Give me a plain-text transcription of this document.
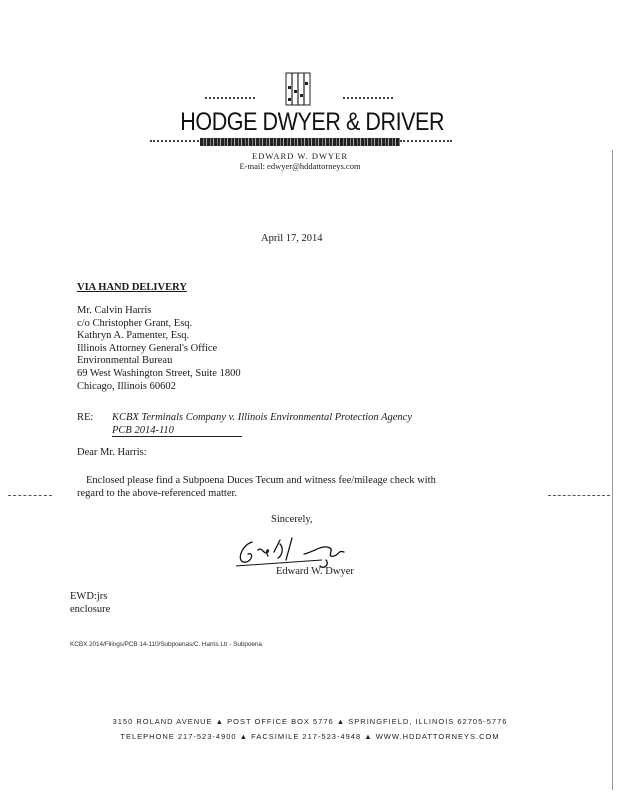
HODGE DWYER & DRIVER
EDWARD W. DWYER
E-mail: edwyer@hddattorneys.com
April 17, 2014
VIA HAND DELIVERY
Mr. Calvin Harris
c/o Christopher Grant, Esq.
Kathryn A. Pamenter, Esq.
Illinois Attorney General's Office
Environmental Bureau
69 West Washington Street, Suite 1800
Chicago, Illinois 60602
RE: KCBX Terminals Company v. Illinois Environmental Protection Agency
PCB 2014-110
Dear Mr. Harris:
Enclosed please find a Subpoena Duces Tecum and witness fee/mileage check with
regard to the above-referenced matter.
Sincerely,
Edward W. Dwyer
EWD:jrs
enclosure
KCBX 2014/Filings/PCB 14-110/Subpoenas/C. Harris Ltr - Subpoena
3150 ROLAND AVENUE ▲ POST OFFICE BOX 5776 ▲ SPRINGFIELD, ILLINOIS 62705-5776
TELEPHONE 217-523-4900 ▲ FACSIMILE 217-523-4948 ▲ WWW.HDDATTORNEYS.COM
